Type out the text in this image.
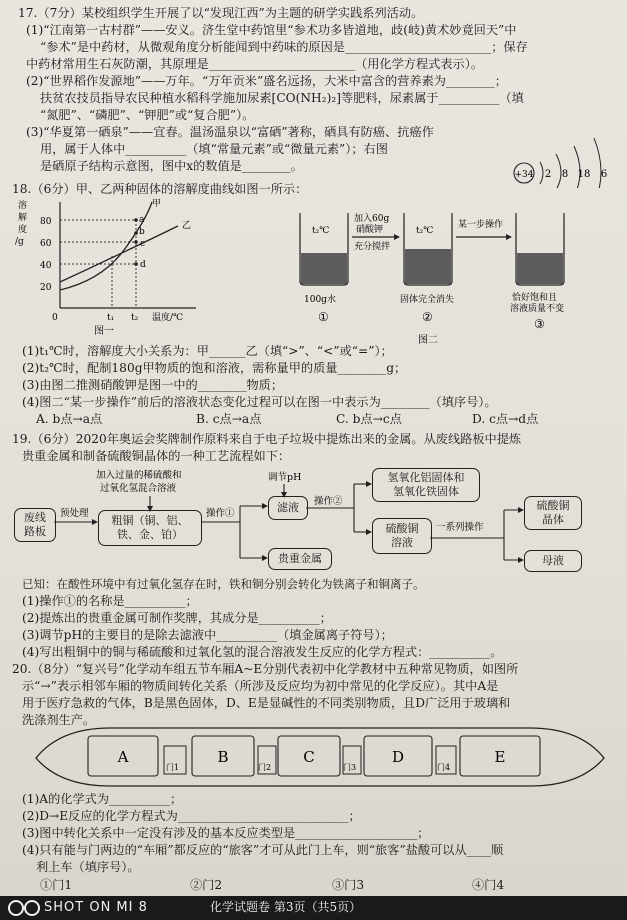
17.（7分）某校组织学生开展了以“发现江西”为主题的研学实践系列活动。
(1)“江南第一古村群”——安义。济生堂中药馆里“参术功多皆道地，歧(岐)黄术妙竟回天”中
“参术”是中药材，从微观角度分析能闻到中药味的原因是________________________；保存
中药材常用生石灰防潮，其原理是________________________（用化学方程式表示）。
(2)“世界稻作发源地”——万年。“万年贡米”盛名远扬，大米中富含的营养素为________；
扶贫农技员指导农民种植水稻科学施加尿素[CO(NH₂)₂]等肥料，尿素属于__________（填
“氮肥”、“磷肥”、“钾肥”或“复合肥”）。
(3)“华夏第一硒泉”——宜春。温汤温泉以“富硒”著称，硒具有防癌、抗癌作
用，属于人体中__________（填“常量元素”或“微量元素”）；右图
是硒原子结构示意图，图中x的数值是________。
+34 2 8 18 6
18.（6分）甲、乙两种固体的溶解度曲线如图一所示：
溶
解
度
/g
80
60
40
20
0
甲
乙
a
b
c
d
t₁ t₂ 温度/℃
图一
t₂℃
100g水
①
加入60g
硝酸钾
充分搅拌
t₂℃
固体完全消失
②
某一步操作
恰好饱和且
溶液质量不变
③
图二
(1)t₁℃时，溶解度大小关系为：甲______乙（填“>”、“<”或“=”）；
(2)t₂℃时，配制180g甲物质的饱和溶液，需称量甲的质量________g；
(3)由图二推测硝酸钾是图一中的________物质；
(4)图二“某一步操作”前后的溶液状态变化过程可以在图一中表示为________（填序号）。
A. b点→a点	B. c点→a点	C. b点→c点	D. c点→d点
19.（6分）2020年奥运会奖牌制作原料来自于电子垃圾中提炼出来的金属。从废线路板中提炼
贵重金属和制备硫酸铜晶体的一种工艺流程如下：
加入过量的稀硫酸和
过氧化氢混合溶液
调节pH
预处理	操作①
操作②
一系列操作
废线
路板
粗铜（铜、铝、
铁、金、铂）
滤液
贵重金属
氢氧化铝固体和
氢氧化铁固体
硫酸铜
溶液
硫酸铜
晶体
母液
已知：在酸性环境中有过氧化氢存在时，铁和铜分别会转化为铁离子和铜离子。
(1)操作①的名称是__________；
(2)提炼出的贵重金属可制作奖牌，其成分是__________；
(3)调节pH的主要目的是除去滤液中__________（填金属离子符号）；
(4)写出粗铜中的铜与稀硫酸和过氧化氢的混合溶液发生反应的化学方程式：__________。
20.（8分）“复兴号”化学动车组五节车厢A~E分别代表初中化学教材中五种常见物质，如图所
示“→”表示相邻车厢的物质间转化关系（所涉及反应均为初中常见的化学反应）。其中A是
用于医疗急救的气体，B是黑色固体，D、E是显碱性的不同类别物质，且D广泛用于玻璃和
洗涤剂生产。
A	B	C	D	E
门1	门2	门3	门4
(1)A的化学式为__________；
(2)D→E反应的化学方程式为____________________________；
(3)图中转化关系中一定没有涉及的基本反应类型是____________________；
(4)只有能与门两边的“车厢”都反应的“旅客”才可从此门上车，则“旅客”盐酸可以从____顺
利上车（填序号）。
①门1	②门2	③门3	④门4
SHOT ON MI 8	化学试题卷 第3页（共5页）
